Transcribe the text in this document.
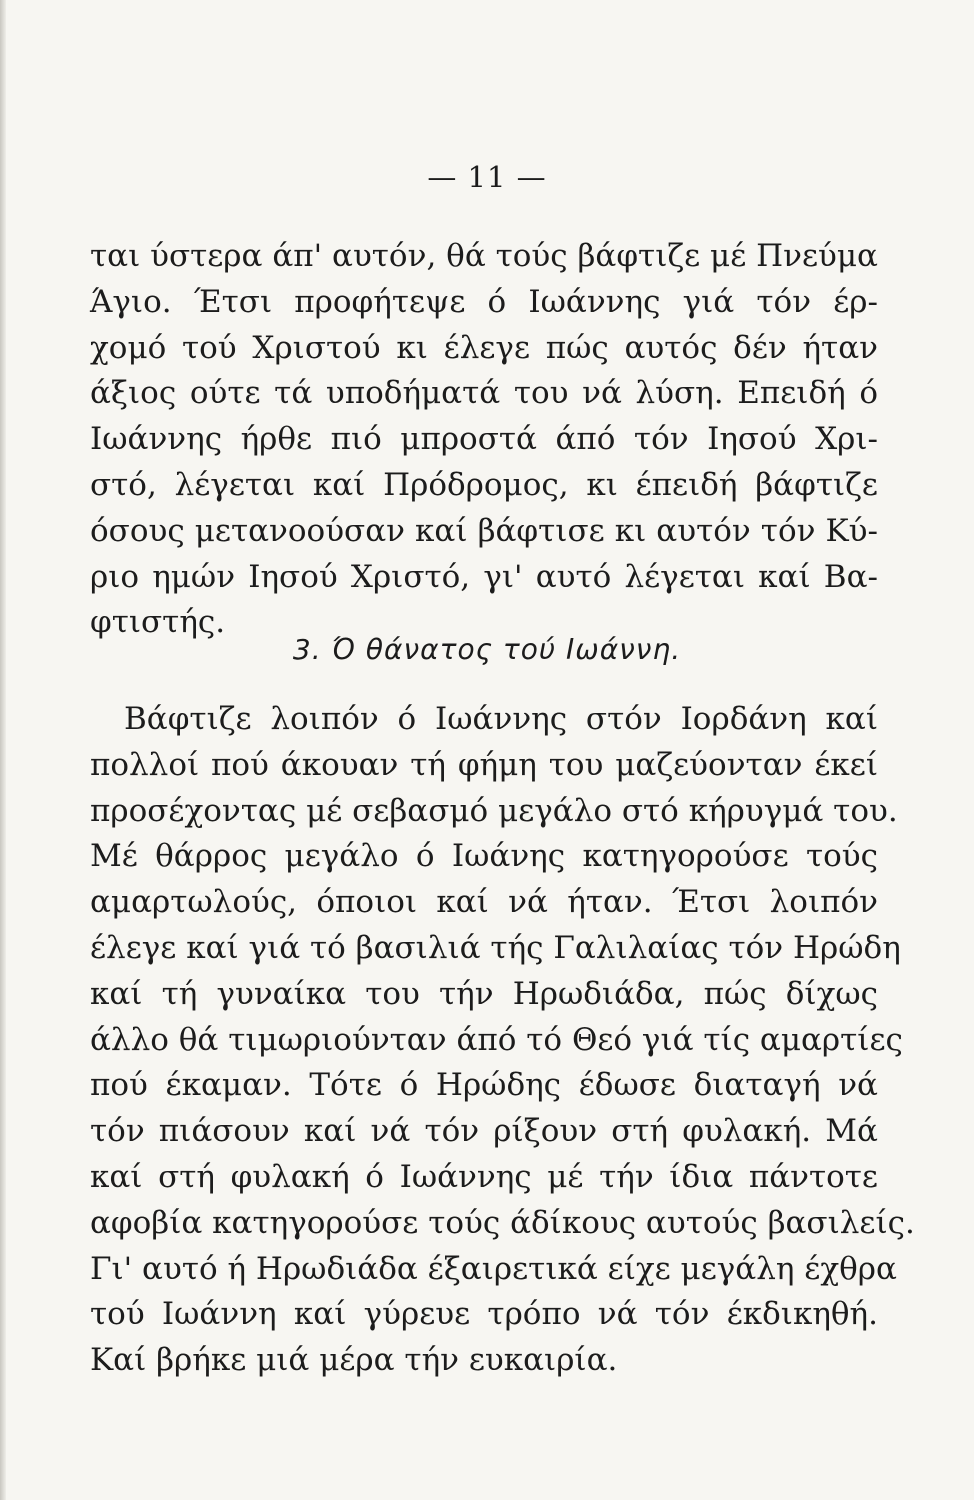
— 11 —
ται ύστερα άπ' αυτόν, θά τούς βάφτιζε μέ Πνεύμα
Άγιο. Έτσι προφήτεψε ό Ιωάννης γιά τόν έρ-
χομό τού Χριστού κι έλεγε πώς αυτός δέν ήταν
άξιος ούτε τά υποδήματά του νά λύση. Επειδή ό
Ιωάννης ήρθε πιό μπροστά άπό τόν Ιησού Χρι-
στό, λέγεται καί Πρόδρομος, κι έπειδή βάφτιζε
όσους μετανοούσαν καί βάφτισε κι αυτόν τόν Κύ-
ριο ημών Ιησού Χριστό, γι' αυτό λέγεται καί Βα-
φτιστής.
3. Ό θάνατος τού Ιωάννη.
Βάφτιζε λοιπόν ό Ιωάννης στόν Ιορδάνη καί
πολλοί πού άκουαν τή φήμη του μαζεύονταν έκεί
προσέχοντας μέ σεβασμό μεγάλο στό κήρυγμά του.
Μέ θάρρος μεγάλο ό Ιωάνης κατηγορούσε τούς
αμαρτωλούς, όποιοι καί νά ήταν. Έτσι λοιπόν
έλεγε καί γιά τό βασιλιά τής Γαλιλαίας τόν Ηρώδη
καί τή γυναίκα του τήν Ηρωδιάδα, πώς δίχως
άλλο θά τιμωριούνταν άπό τό Θεό γιά τίς αμαρτίες
πού έκαμαν. Τότε ό Ηρώδης έδωσε διαταγή νά
τόν πιάσουν καί νά τόν ρίξουν στή φυλακή. Μά
καί στή φυλακή ό Ιωάννης μέ τήν ίδια πάντοτε
αφοβία κατηγορούσε τούς άδίκους αυτούς βασιλείς.
Γι' αυτό ή Ηρωδιάδα έξαιρετικά είχε μεγάλη έχθρα
τού Ιωάννη καί γύρευε τρόπο νά τόν έκδικηθή.
Καί βρήκε μιά μέρα τήν ευκαιρία.
